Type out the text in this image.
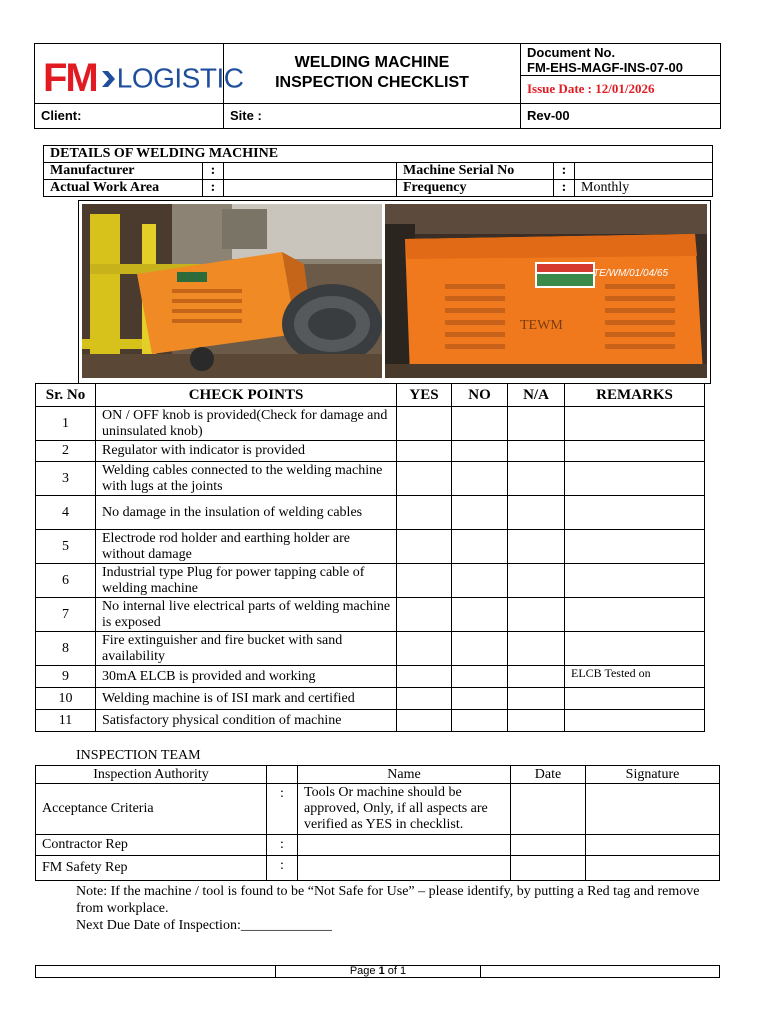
FM LOGISTIC	WELDING MACHINE
INSPECTION CHECKLIST

Document No.
FM-EHS-MAGF-INS-07-00

Issue Date : 12/01/2026

Client:	Site :	Rev-00
DETAILS OF WELDING MACHINE					
Manufacturer	:		Machine Serial No	:	
Actual Work Area	:		Frequency	:	Monthly
TE/WM/01/04/65
TEWM
Sr. No	CHECK POINTS	YES	NO	N/A	REMARKS
1	ON / OFF knob is provided(Check for damage and uninsulated knob)				
2	Regulator with indicator is provided				
3	Welding cables connected to the welding machine with lugs at the joints				
4	No damage in the insulation of welding cables				
5	Electrode rod holder and earthing holder are without damage				
6	Industrial type Plug for power tapping cable of welding machine				
7	No internal live electrical parts of welding machine is exposed				
8	Fire extinguisher and fire bucket with sand availability				
9	30mA ELCB is provided and working				ELCB Tested on
10	Welding machine is of ISI mark and certified				
11	Satisfactory physical condition of machine				
INSPECTION TEAM
Inspection Authority		Name	Date	Signature
Acceptance Criteria	:	Tools Or machine should be approved, Only, if all aspects are verified as YES in checklist.		
Contractor Rep	:			
FM Safety Rep	:			
Note: If the machine / tool is found to be “Not Safe for Use” – please identify, by putting a Red tag and remove from workplace.
Next Due Date of Inspection:_____________
	Page 1 of 1	
